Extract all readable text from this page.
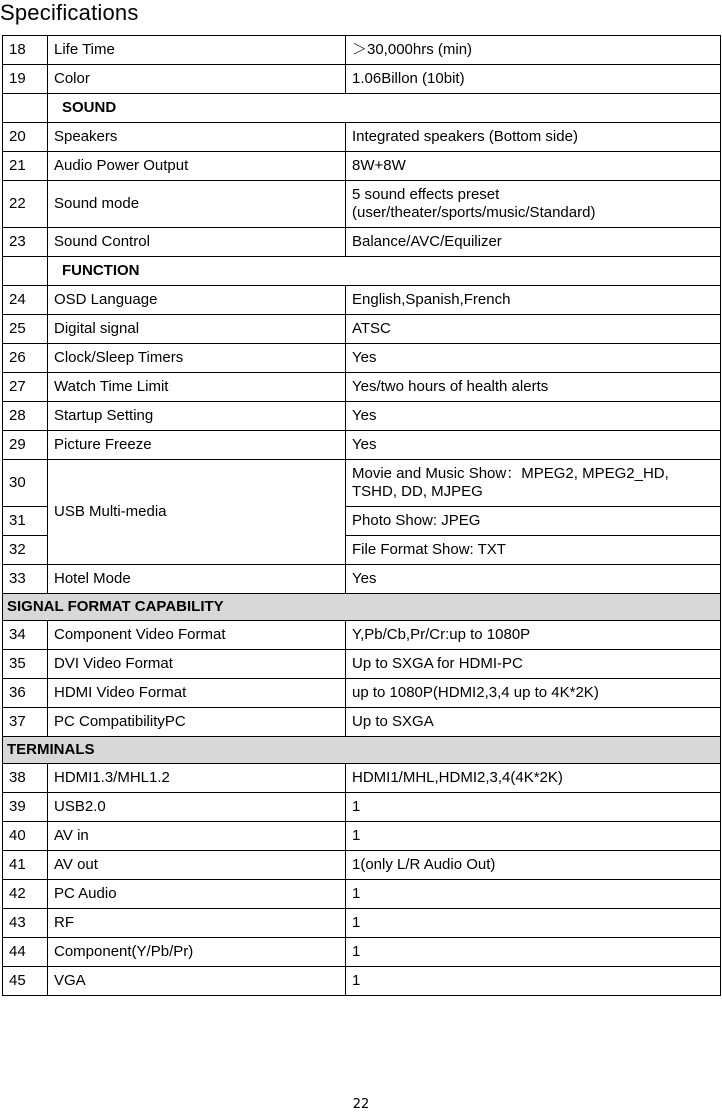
Specifications
18	Life Time	＞30,000hrs (min)
19	Color	1.06Billon (10bit)
	SOUND	
20	Speakers	Integrated speakers (Bottom side)
21	Audio Power Output	8W+8W
22	Sound mode	5 sound effects preset
(user/theater/sports/music/Standard)

23	Sound Control	Balance/AVC/Equilizer
	FUNCTION	
24	OSD Language	English,Spanish,French
25	Digital signal	ATSC
26	Clock/Sleep Timers	Yes
27	Watch Time Limit	Yes/two hours of health alerts
28	Startup Setting	Yes
29	Picture Freeze	Yes
30	USB Multi-media	Movie and Music Show：MPEG2, MPEG2_HD,
TSHD, DD, MJPEG

31		Photo Show: JPEG
32		File Format Show: TXT
33	Hotel Mode	Yes
SIGNAL FORMAT CAPABILITY		
34	Component Video Format	Y,Pb/Cb,Pr/Cr:up to 1080P
35	DVI Video Format	Up to SXGA for HDMI-PC
36	HDMI Video Format	up to 1080P(HDMI2,3,4 up to 4K*2K)
37	PC CompatibilityPC	Up to SXGA
TERMINALS		
38	HDMI1.3/MHL1.2	HDMI1/MHL,HDMI2,3,4(4K*2K)
39	USB2.0	1
40	AV in	1
41	AV out	1(only L/R Audio Out)
42	PC Audio	1
43	RF	1
44	Component(Y/Pb/Pr)	1
45	VGA	1
22
